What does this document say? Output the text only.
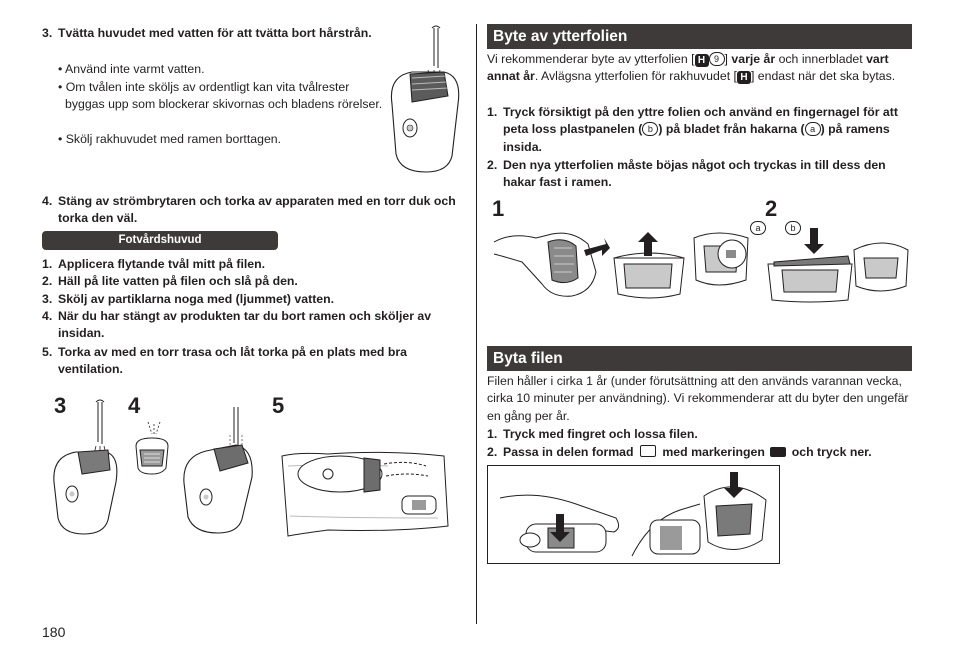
3. Tvätta huvudet med vatten för att tvätta bort hårstrån.
• Använd inte varmt vatten.
• Om tvålen inte sköljs av ordentligt kan vita tvålrester byggas upp som blockerar skivornas och bladens rörelser.
• Skölj rakhuvudet med ramen borttagen.
4. Stäng av strömbrytaren och torka av apparaten med en torr duk och torka den väl.
Fotvårdshuvud
1. Applicera flytande tvål mitt på filen.
2. Häll på lite vatten på filen och slå på den.
3. Skölj av partiklarna noga med (ljummet) vatten.
4. När du har stängt av produkten tar du bort ramen och sköljer av insidan.
5. Torka av med en torr trasa och låt torka på en plats med bra ventilation.
3	4	5
180
Byte av ytterfolien
Vi rekommenderar byte av ytterfolien [ H 9 ] varje år och innerbladet vart annat år. Avlägsna ytterfolien för rakhuvudet [ H ] endast när det ska bytas.
1. Tryck försiktigt på den yttre folien och använd en fingernagel för att peta loss plastpanelen ( b ) på bladet från hakarna ( a ) på ramens insida.
2. Den nya ytterfolien måste böjas något och tryckas in till dess den hakar fast i ramen.
1	2
a	b
Byta filen
Filen håller i cirka 1 år (under förutsättning att den används varannan vecka, cirka 10 minuter per användning). Vi rekommenderar att du byter den ungefär en gång per år.
1. Tryck med fingret och lossa filen.
2. Passa in delen formad  med markeringen  och tryck ner.
